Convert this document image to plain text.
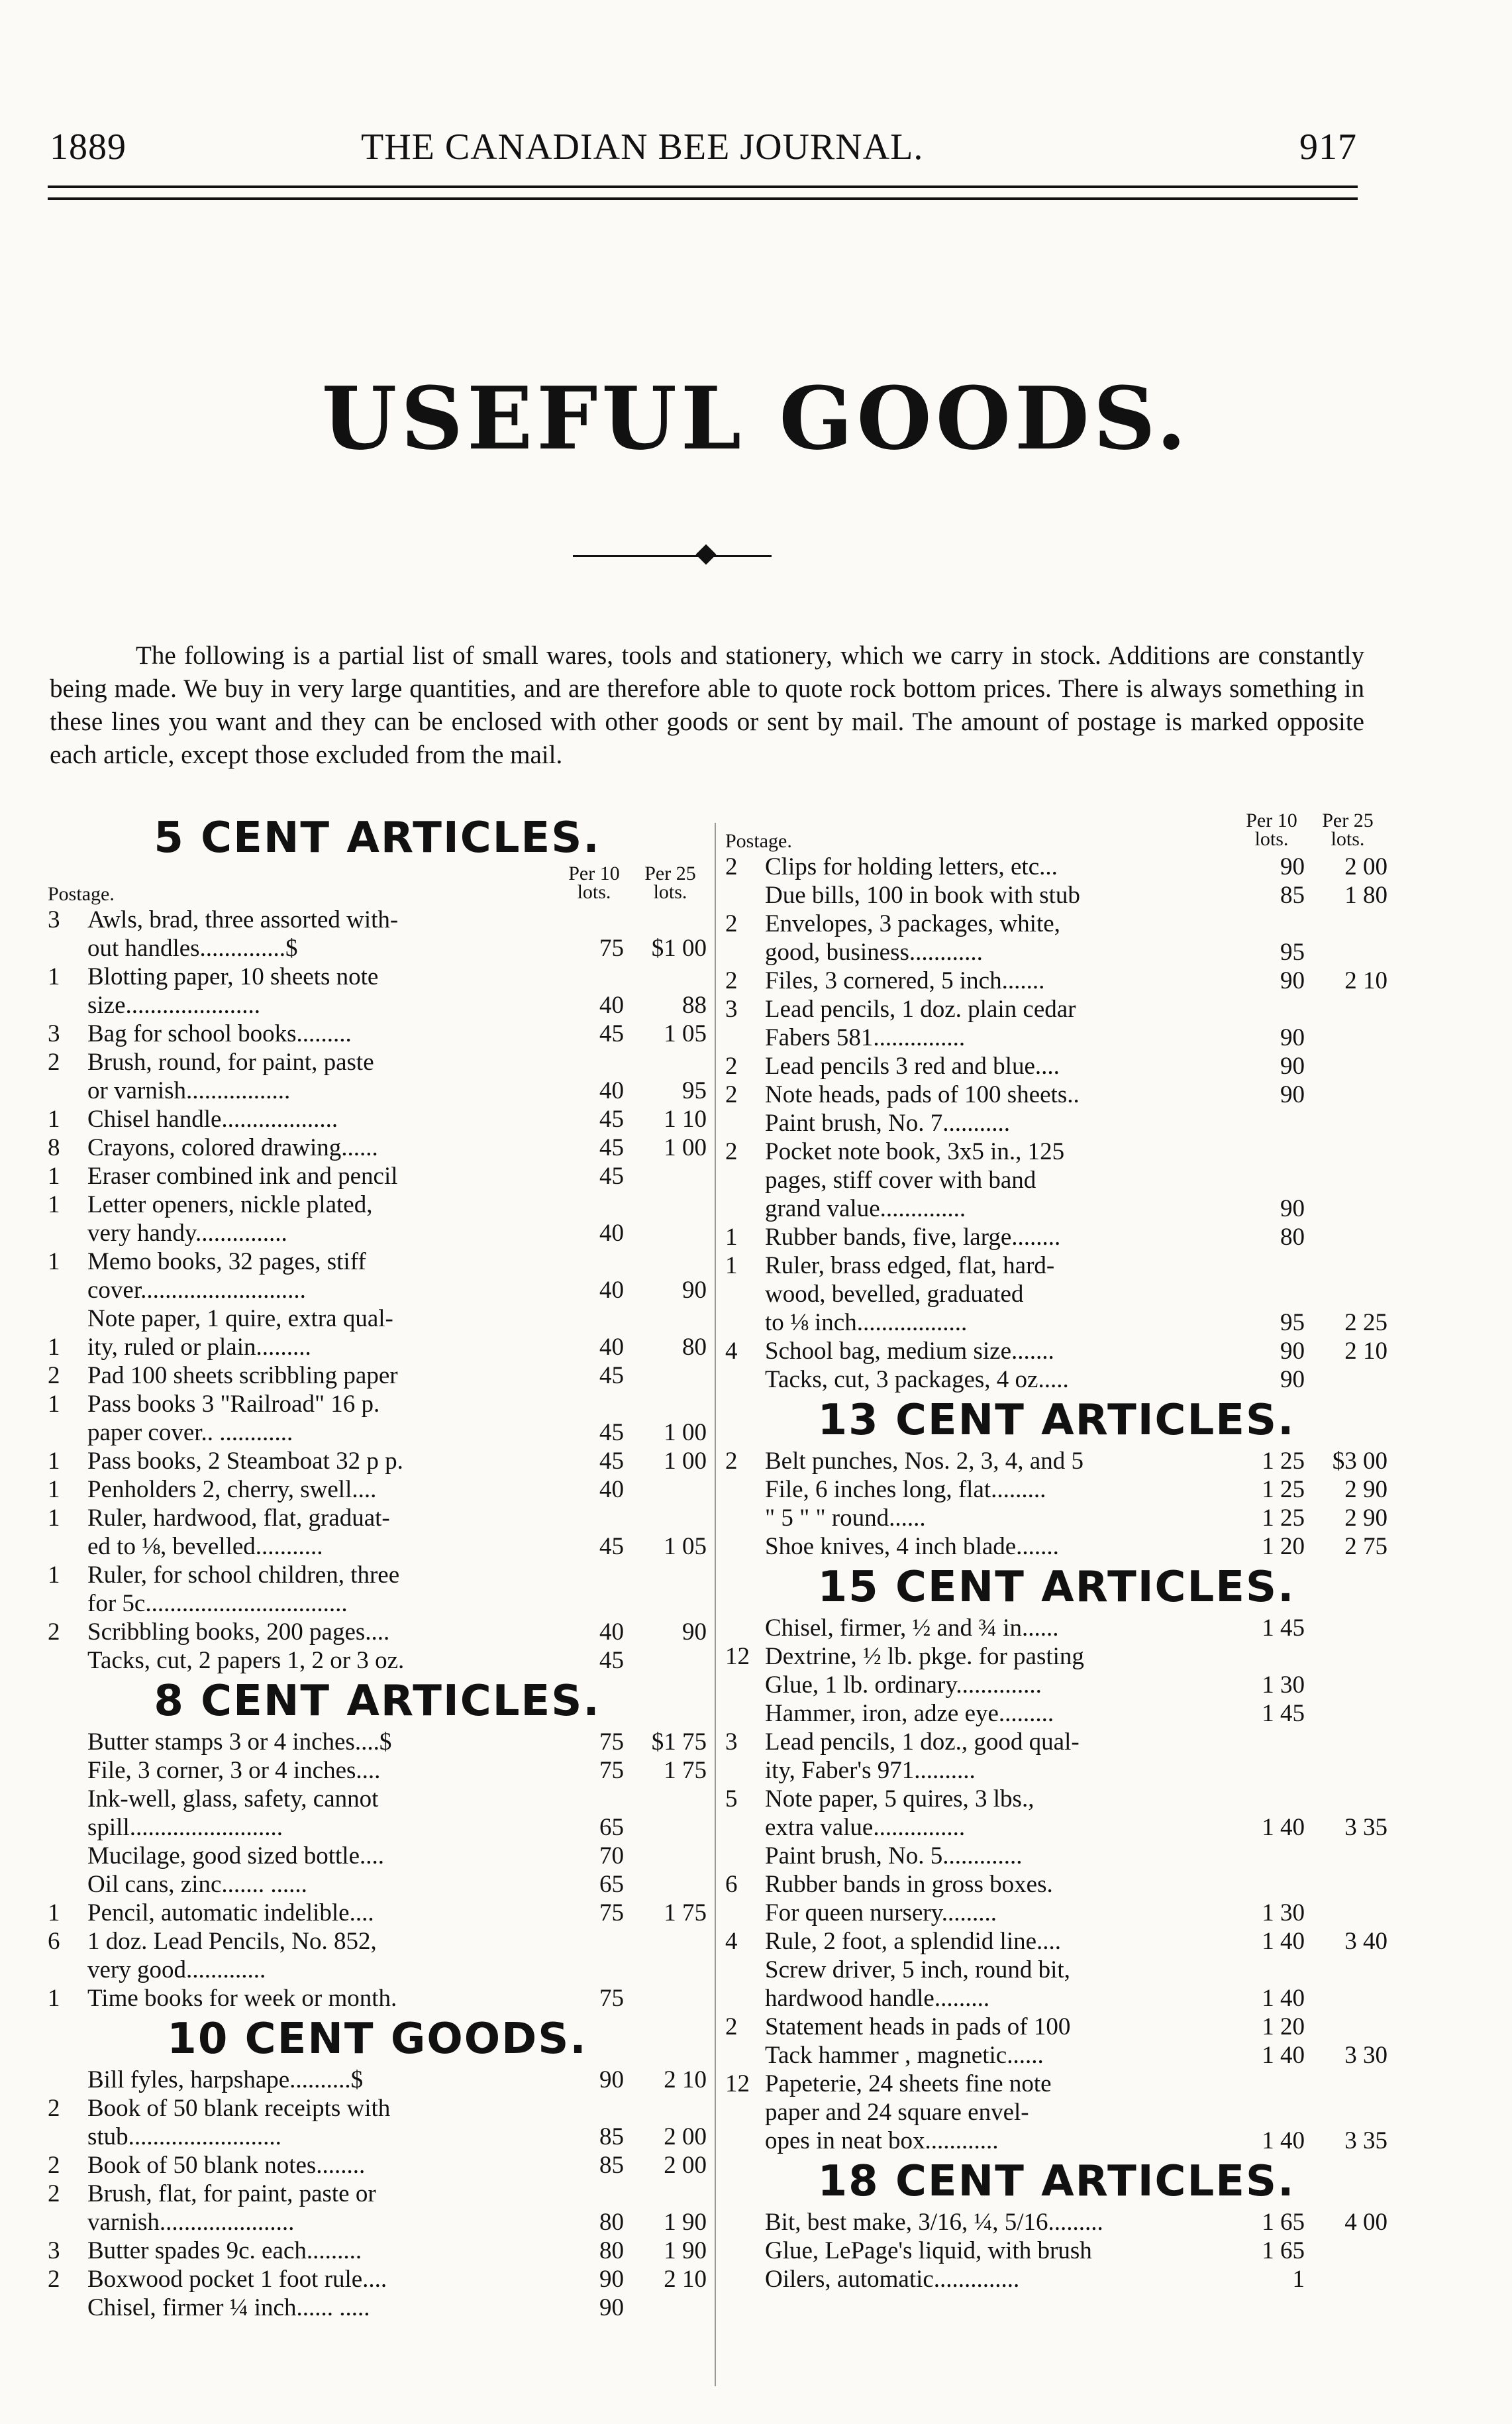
1889	THE CANADIAN BEE JOURNAL.	917
USEFUL GOODS.

The following is a partial list of small wares, tools and stationery, which we carry in stock. Additions are constantly being made. We buy in very large quantities, and are therefore able to quote rock bottom prices. There is always something in these lines you want and they can be enclosed with other goods or sent by mail. The amount of postage is marked opposite each article, except those excluded from the mail.

5 CENT ARTICLES.
Postage.
Per 10
lots.
Per 25
lots.
3	Awls, brad, three assorted with-
out handles..............$	75	$1 00
1	Blotting paper, 10 sheets note
size......................	40	88
3	Bag for school books.........	45	1 05
2	Brush, round, for paint, paste
or varnish.................	40	95
1	Chisel handle...................	45	1 10
8	Crayons, colored drawing......	45	1 00
1	Eraser combined ink and pencil	45
1	Letter openers, nickle plated,
very handy...............	40
1	Memo books, 32 pages, stiff
cover...........................	40	90
Note paper, 1 quire, extra qual-
1	ity, ruled or plain.........	40	80
2	Pad 100 sheets scribbling paper	45
1	Pass books 3 "Railroad" 16 p.
paper cover.. ............	45	1 00
1	Pass books, 2 Steamboat 32 p p.	45	1 00
1	Penholders 2, cherry, swell....	40
1	Ruler, hardwood, flat, graduat-
ed to ⅛, bevelled...........	45	1 05
1	Ruler, for school children, three
for 5c.................................
2	Scribbling books, 200 pages....	40	90
Tacks, cut, 2 papers 1, 2 or 3 oz.	45
8 CENT ARTICLES.
Butter stamps 3 or 4 inches....$	75	$1 75
File, 3 corner, 3 or 4 inches....	75	1 75
Ink-well, glass, safety, cannot
spill.........................	65
Mucilage, good sized bottle....	70
Oil cans, zinc....... ......	65
1	Pencil, automatic indelible....	75	1 75
6	1 doz. Lead Pencils, No. 852,
very good.............
1	Time books for week or month.	75
10 CENT GOODS.
Bill fyles, harpshape..........$	90	2 10
2	Book of 50 blank receipts with
stub.........................	85	2 00
2	Book of 50 blank notes........	85	2 00
2	Brush, flat, for paint, paste or
varnish......................	80	1 90
3	Butter spades 9c. each.........	80	1 90
2	Boxwood pocket 1 foot rule....	90	2 10
Chisel, firmer ¼ inch...... .....	90
Postage.
Per 10
lots.
Per 25
lots.
2	Clips for holding letters, etc...	90	2 00
Due bills, 100 in book with stub	85	1 80
2	Envelopes, 3 packages, white,
good, business............	95
2	Files, 3 cornered, 5 inch.......	90	2 10
3	Lead pencils, 1 doz. plain cedar
Fabers 581...............	90
2	Lead pencils 3 red and blue....	90
2	Note heads, pads of 100 sheets..	90
Paint brush, No. 7...........
2	Pocket note book, 3x5 in., 125
pages, stiff cover with band
grand value..............	90
1	Rubber bands, five, large........	80
1	Ruler, brass edged, flat, hard-
wood, bevelled, graduated
to ⅛ inch..................	95	2 25
4	School bag, medium size.......	90	2 10
Tacks, cut, 3 packages, 4 oz.....	90
13 CENT ARTICLES.
2	Belt punches, Nos. 2, 3, 4, and 5	1 25	$3 00
File, 6 inches long, flat.........	1 25	2 90
" 5 " " round......	1 25	2 90
Shoe knives, 4 inch blade.......	1 20	2 75
15 CENT ARTICLES.
Chisel, firmer, ½ and ¾ in......	1 45
12 Dextrine, ½ lb. pkge. for pasting
Glue, 1 lb. ordinary..............	1 30
Hammer, iron, adze eye.........	1 45
3	Lead pencils, 1 doz., good qual-
ity, Faber's 971..........
5	Note paper, 5 quires, 3 lbs.,
extra value...............	1 40	3 35
Paint brush, No. 5.............
6	Rubber bands in gross boxes.
For queen nursery.........	1 30
4	Rule, 2 foot, a splendid line....	1 40	3 40
Screw driver, 5 inch, round bit,
hardwood handle.........	1 40
2	Statement heads in pads of 100	1 20
Tack hammer , magnetic......	1 40	3 30
12 Papeterie, 24 sheets fine note
paper and 24 square envel-
opes in neat box............	1 40	3 35
18 CENT ARTICLES.
Bit, best make, 3/16, ¼, 5/16.........	1 65	4 00
Glue, LePage's liquid, with brush	1 65
Oilers, automatic..............	1
